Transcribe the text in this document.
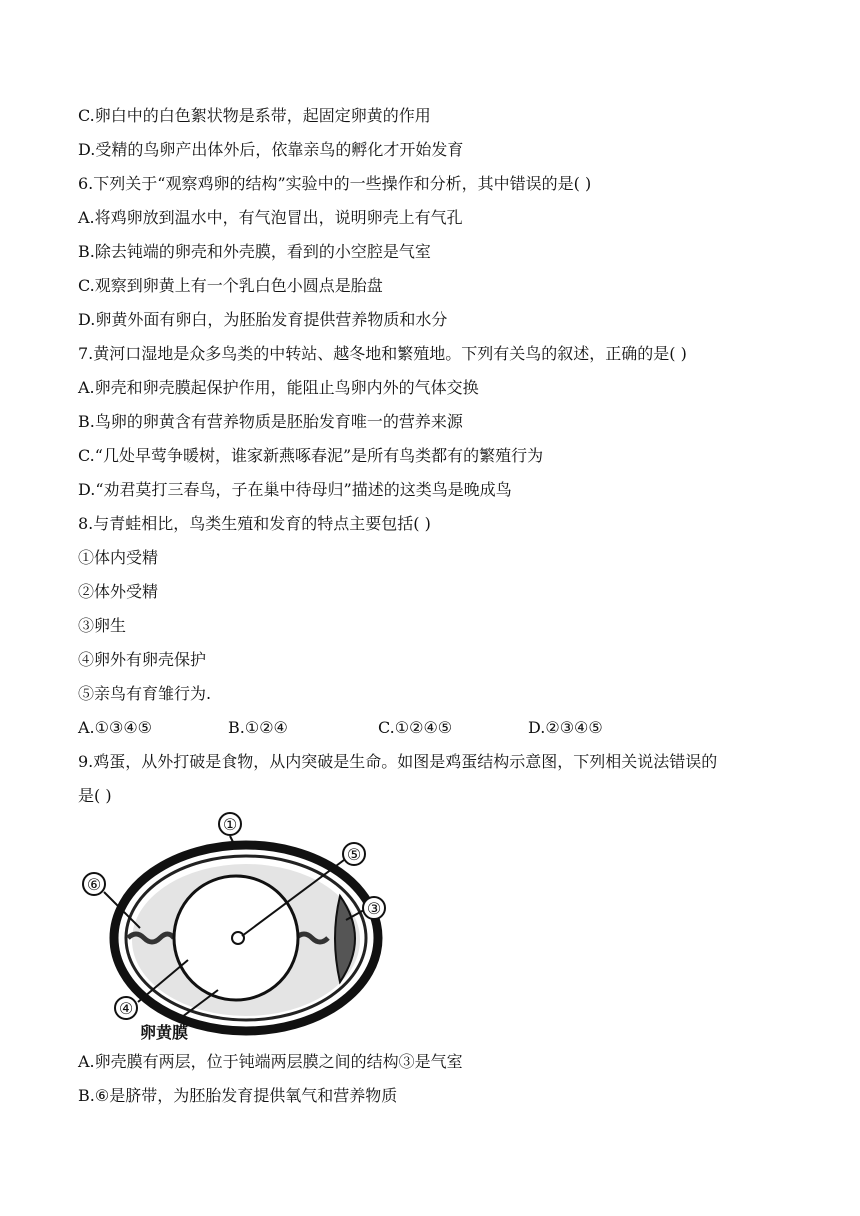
C.卵白中的白色絮状物是系带，起固定卵黄的作用
D.受精的鸟卵产出体外后，依靠亲鸟的孵化才开始发育
6.下列关于“观察鸡卵的结构”实验中的一些操作和分析，其中错误的是( )
A.将鸡卵放到温水中，有气泡冒出，说明卵壳上有气孔
B.除去钝端的卵壳和外壳膜，看到的小空腔是气室
C.观察到卵黄上有一个乳白色小圆点是胎盘
D.卵黄外面有卵白，为胚胎发育提供营养物质和水分
7.黄河口湿地是众多鸟类的中转站、越冬地和繁殖地。下列有关鸟的叙述，正确的是( )
A.卵壳和卵壳膜起保护作用，能阻止鸟卵内外的气体交换
B.鸟卵的卵黄含有营养物质是胚胎发育唯一的营养来源
C.“几处早莺争暖树，谁家新燕啄春泥”是所有鸟类都有的繁殖行为
D.“劝君莫打三春鸟，子在巢中待母归”描述的这类鸟是晚成鸟
8.与青蛙相比，鸟类生殖和发育的特点主要包括( )
①体内受精
②体外受精
③卵生
④卵外有卵壳保护
⑤亲鸟有育雏行为.
A.①③④⑤	B.①②④	C.①②④⑤	D.②③④⑤
9.鸡蛋，从外打破是食物，从内突破是生命。如图是鸡蛋结构示意图，下列相关说法错误的
是( )
①
⑤
③
⑥
④
卵黄膜
A.卵壳膜有两层，位于钝端两层膜之间的结构③是气室
B.⑥是脐带，为胚胎发育提供氧气和营养物质
